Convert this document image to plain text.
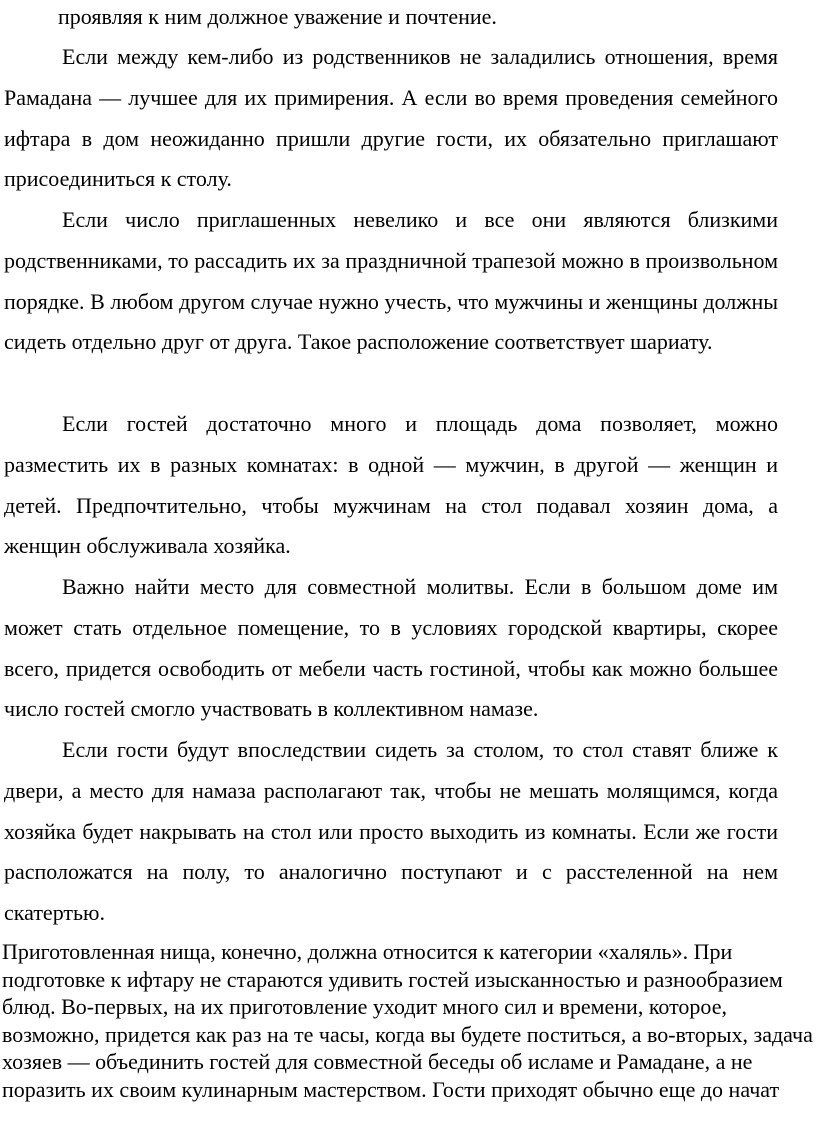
проявляя к ним должное уважение и почтение.

Если между кем-либо из родственников не заладились отношения, время Рамадана — лучшее для их примирения. А если во время проведения семейного ифтара в дом неожиданно пришли другие гости, их обязательно приглашают присоединиться к столу.

Если число приглашенных невелико и все они являются близкими родственниками, то рассадить их за праздничной трапезой можно в произвольном порядке. В любом другом случае нужно учесть, что мужчины и женщины должны сидеть отдельно друг от друга. Такое расположение соответствует шариату.

Если гостей достаточно много и площадь дома позволяет, можно разместить их в разных комнатах: в одной — мужчин, в другой — женщин и детей. Предпочтительно, чтобы мужчинам на стол подавал хозяин дома, а женщин обслуживала хозяйка.

Важно найти место для совместной молитвы. Если в большом доме им может стать отдельное помещение, то в условиях городской квартиры, скорее всего, придется освободить от мебели часть гостиной, чтобы как можно большее число гостей смогло участвовать в коллективном намазе.

Если гости будут впоследствии сидеть за столом, то стол ставят ближе к двери, а место для намаза располагают так, чтобы не мешать молящимся, когда хозяйка будет накрывать на стол или просто выходить из комнаты. Если же гости расположатся на полу, то аналогично поступают и с расстеленной на нем скатертью.

Приготовленная нища, конечно, должна относится к категории «халяль». При подготовке к ифтару не стараются удивить гостей изысканностью и разнообразием блюд. Во-первых, на их приготовление уходит много сил и времени, которое, возможно, придется как раз на те часы, когда вы будете поститься, а во-вторых, задача хозяев — объединить гостей для совместной беседы об исламе и Рамадане, а не поразить их своим кулинарным мастерством. Гости приходят обычно еще до начат
